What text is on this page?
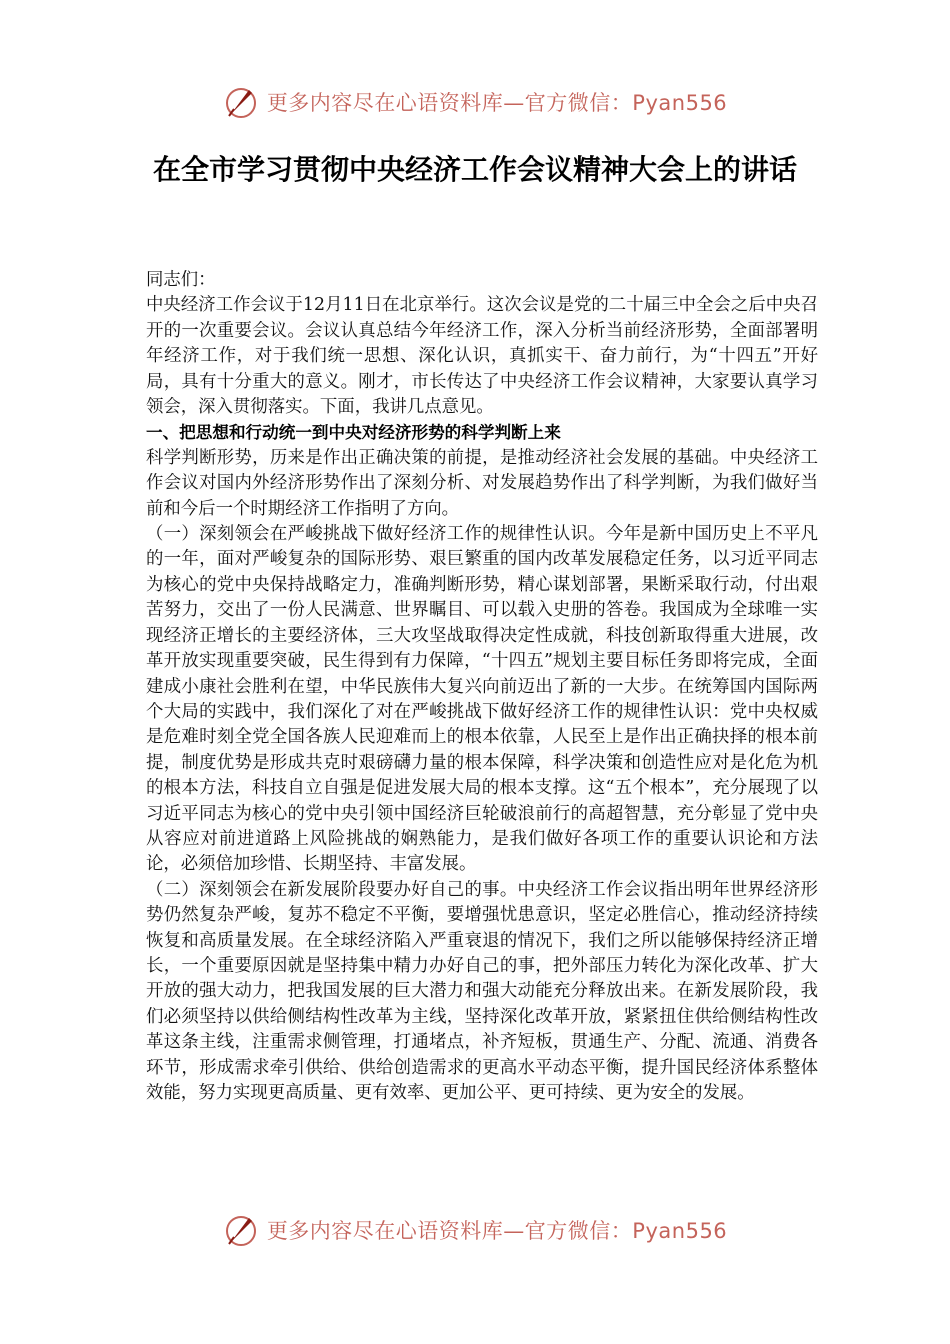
更多内容尽在心语资料库—官方微信：Pyan556
在全市学习贯彻中央经济工作会议精神大会上的讲话

同志们：

中央经济工作会议于12月11日在北京举行。这次会议是党的二十届三中全会之后中央召开的一次重要会议。会议认真总结今年经济工作，深入分析当前经济形势，全面部署明年经济工作，对于我们统一思想、深化认识，真抓实干、奋力前行，为“十四五”开好局，具有十分重大的意义。刚才，市长传达了中央经济工作会议精神，大家要认真学习领会，深入贯彻落实。下面，我讲几点意见。

一、把思想和行动统一到中央对经济形势的科学判断上来

科学判断形势，历来是作出正确决策的前提，是推动经济社会发展的基础。中央经济工作会议对国内外经济形势作出了深刻分析、对发展趋势作出了科学判断，为我们做好当前和今后一个时期经济工作指明了方向。

（一）深刻领会在严峻挑战下做好经济工作的规律性认识。今年是新中国历史上不平凡的一年，面对严峻复杂的国际形势、艰巨繁重的国内改革发展稳定任务，以习近平同志为核心的党中央保持战略定力，准确判断形势，精心谋划部署，果断采取行动，付出艰苦努力，交出了一份人民满意、世界瞩目、可以载入史册的答卷。我国成为全球唯一实现经济正增长的主要经济体，三大攻坚战取得决定性成就，科技创新取得重大进展，改革开放实现重要突破，民生得到有力保障，“十四五”规划主要目标任务即将完成，全面建成小康社会胜利在望，中华民族伟大复兴向前迈出了新的一大步。在统筹国内国际两个大局的实践中，我们深化了对在严峻挑战下做好经济工作的规律性认识：党中央权威是危难时刻全党全国各族人民迎难而上的根本依靠，人民至上是作出正确抉择的根本前提，制度优势是形成共克时艰磅礴力量的根本保障，科学决策和创造性应对是化危为机的根本方法，科技自立自强是促进发展大局的根本支撑。这“五个根本”，充分展现了以习近平同志为核心的党中央引领中国经济巨轮破浪前行的高超智慧，充分彰显了党中央从容应对前进道路上风险挑战的娴熟能力，是我们做好各项工作的重要认识论和方法论，必须倍加珍惜、长期坚持、丰富发展。

（二）深刻领会在新发展阶段要办好自己的事。中央经济工作会议指出明年世界经济形势仍然复杂严峻，复苏不稳定不平衡，要增强忧患意识，坚定必胜信心，推动经济持续恢复和高质量发展。在全球经济陷入严重衰退的情况下，我们之所以能够保持经济正增长，一个重要原因就是坚持集中精力办好自己的事，把外部压力转化为深化改革、扩大开放的强大动力，把我国发展的巨大潜力和强大动能充分释放出来。在新发展阶段，我们必须坚持以供给侧结构性改革为主线，坚持深化改革开放，紧紧扭住供给侧结构性改革这条主线，注重需求侧管理，打通堵点，补齐短板，贯通生产、分配、流通、消费各环节，形成需求牵引供给、供给创造需求的更高水平动态平衡，提升国民经济体系整体效能，努力实现更高质量、更有效率、更加公平、更可持续、更为安全的发展。

更多内容尽在心语资料库—官方微信：Pyan556
